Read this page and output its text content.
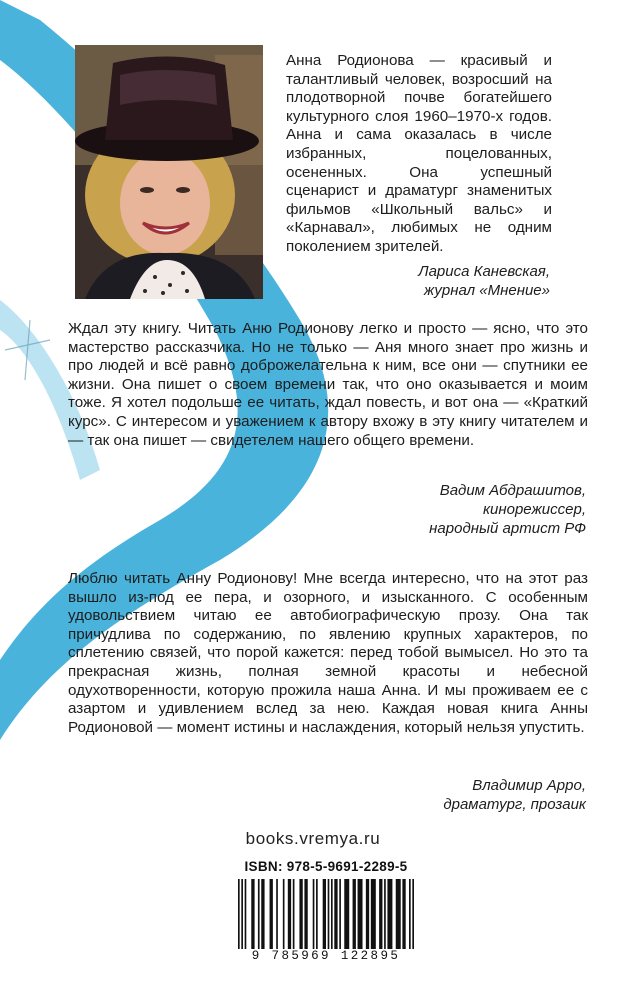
Анна Родионова — красивый и талантливый человек, возросший на плодотворной почве богатейшего культурного слоя 1960–1970-х годов. Анна и сама оказалась в числе избранных, поцелованных, осененных. Она успешный сценарист и драматург знаменитых фильмов «Школьный вальс» и «Карнавал», любимых не одним поколением зрителей.
Лариса Каневская,
журнал «Мнение»
Ждал эту книгу. Читать Аню Родионову легко и просто — ясно, что это мастерство рассказчика. Но не только — Аня много знает про жизнь и про людей и всё равно доброжелательна к ним, все они — спутники ее жизни. Она пишет о своем времени так, что оно оказывается и моим тоже. Я хотел подольше ее читать, ждал повесть, и вот она — «Краткий курс». С интересом и уважением к автору вхожу в эту книгу читателем и — так она пишет — свидетелем нашего общего времени.
Вадим Абдрашитов,
кинорежиссер,
народный артист РФ
Люблю читать Анну Родионову! Мне всегда интересно, что на этот раз вышло из-под ее пера, и озорного, и изысканного. С особенным удовольствием читаю ее автобиографическую прозу. Она так причудлива по содержанию, по явлению крупных характеров, по сплетению связей, что порой кажется: перед тобой вымысел. Но это та прекрасная жизнь, полная земной красоты и небесной одухотворенности, которую прожила наша Анна. И мы проживаем ее с азартом и удивлением вслед за нею. Каждая новая книга Анны Родионовой — момент истины и наслаждения, который нельзя упустить.
Владимир Арро,
драматург, прозаик
books.vremya.ru
ISBN: 978-5-9691-2289-5
9 785969 122895
